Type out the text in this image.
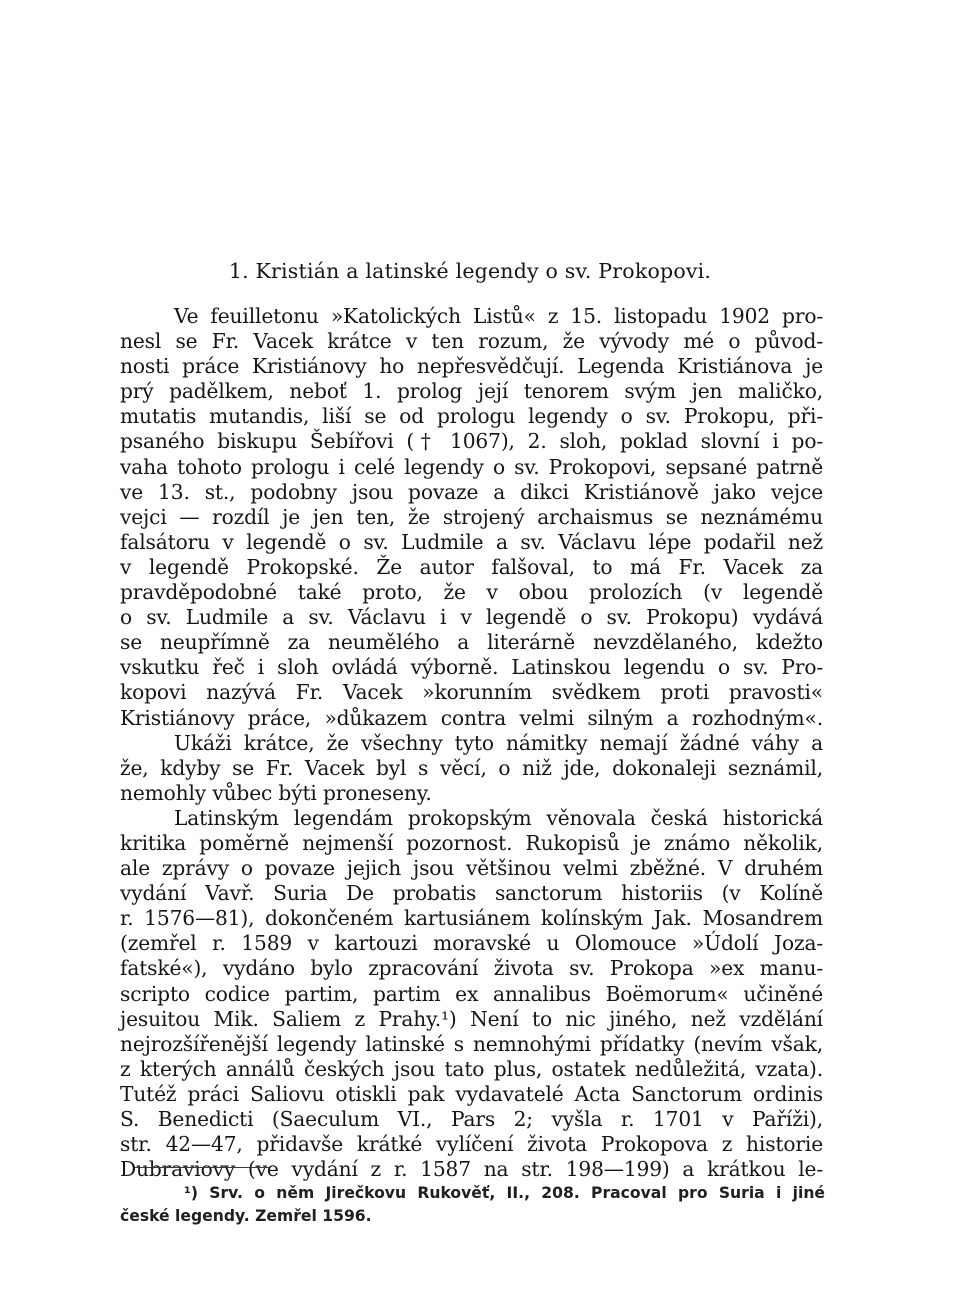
1. Kristián a latinské legendy o sv. Prokopovi.
Ve feuilletonu »Katolických Listů« z 15. listopadu 1902 pro-
nesl se Fr. Vacek krátce v ten rozum, že vývody mé o původ-
nosti práce Kristiánovy ho nepřesvědčují. Legenda Kristiánova je
prý padělkem, neboť 1. prolog její tenorem svým jen maličko,
mutatis mutandis, liší se od prologu legendy o sv. Prokopu, při-
psaného biskupu Šebířovi († 1067), 2. sloh, poklad slovní i po-
vaha tohoto prologu i celé legendy o sv. Prokopovi, sepsané patrně
ve 13. st., podobny jsou povaze a dikci Kristiánově jako vejce
vejci — rozdíl je jen ten, že strojený archaismus se neznámému
falsátoru v legendě o sv. Ludmile a sv. Václavu lépe podařil než
v legendě Prokopské. Že autor falšoval, to má Fr. Vacek za
pravděpodobné také proto, že v obou prolozích (v legendě
o sv. Ludmile a sv. Václavu i v legendě o sv. Prokopu) vydává
se neupřímně za neumělého a literárně nevzdělaného, kdežto
vskutku řeč i sloh ovládá výborně. Latinskou legendu o sv. Pro-
kopovi nazývá Fr. Vacek »korunním svědkem proti pravosti«
Kristiánovy práce, »důkazem contra velmi silným a rozhodným«.
Ukáži krátce, že všechny tyto námitky nemají žádné váhy a
že, kdyby se Fr. Vacek byl s věcí, o niž jde, dokonaleji seznámil,
nemohly vůbec býti proneseny.
Latinským legendám prokopským věnovala česká historická
kritika poměrně nejmenší pozornost. Rukopisů je známo několik,
ale zprávy o povaze jejich jsou většinou velmi zběžné. V druhém
vydání Vavř. Suria De probatis sanctorum historiis (v Kolíně
r. 1576—81), dokončeném kartusiánem kolínským Jak. Mosandrem
(zemřel r. 1589 v kartouzi moravské u Olomouce »Údolí Joza-
fatské«), vydáno bylo zpracování života sv. Prokopa »ex manu-
scripto codice partim, partim ex annalibus Boëmorum« učiněné
jesuitou Mik. Saliem z Prahy.¹) Není to nic jiného, než vzdělání
nejrozšířenější legendy latinské s nemnohými přídatky (nevím však,
z kterých annálů českých jsou tato plus, ostatek nedůležitá, vzata).
Tutéž práci Saliovu otiskli pak vydavatelé Acta Sanctorum ordinis
S. Benedicti (Saeculum VI., Pars 2; vyšla r. 1701 v Paříži),
str. 42—47, přidavše krátké vylíčení života Prokopova z historie
Dubraviovy (ve vydání z r. 1587 na str. 198—199) a krátkou le-
¹) Srv. o něm Jirečkovu Rukověť, II., 208. Pracoval pro Suria i jiné
české legendy. Zemřel 1596.
